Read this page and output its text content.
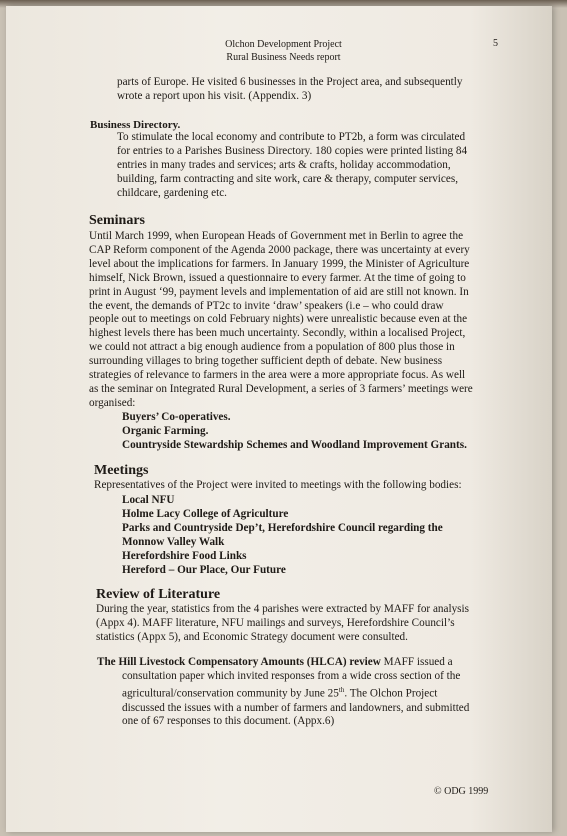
Olchon Development Project
Rural Business Needs report
5

parts of Europe. He visited 6 businesses in the Project area, and subsequently
wrote a report upon his visit. (Appendix. 3)

Business Directory.

To stimulate the local economy and contribute to PT2b, a form was circulated
for entries to a Parishes Business Directory. 180 copies were printed listing 84
entries in many trades and services; arts & crafts, holiday accommodation,
building, farm contracting and site work, care & therapy, computer services,
childcare, gardening etc.

Seminars

Until March 1999, when European Heads of Government met in Berlin to agree the
CAP Reform component of the Agenda 2000 package, there was uncertainty at every
level about the implications for farmers. In January 1999, the Minister of Agriculture
himself, Nick Brown, issued a questionnaire to every farmer. At the time of going to
print in August ‘99, payment levels and implementation of aid are still not known. In
the event, the demands of PT2c to invite ‘draw’ speakers (i.e – who could draw
people out to meetings on cold February nights) were unrealistic because even at the
highest levels there has been much uncertainty. Secondly, within a localised Project,
we could not attract a big enough audience from a population of 800 plus those in
surrounding villages to bring together sufficient depth of debate. New business
strategies of relevance to farmers in the area were a more appropriate focus. As well
as the seminar on Integrated Rural Development, a series of 3 farmers’ meetings were
organised:

Buyers’ Co-operatives.
Organic Farming.
Countryside Stewardship Schemes and Woodland Improvement Grants.

Meetings

Representatives of the Project were invited to meetings with the following bodies:

Local NFU
Holme Lacy College of Agriculture
Parks and Countryside Dep’t, Herefordshire Council regarding the
Monnow Valley Walk
Herefordshire Food Links
Hereford – Our Place, Our Future

Review of Literature

During the year, statistics from the 4 parishes were extracted by MAFF for analysis
(Appx 4). MAFF literature, NFU mailings and surveys, Herefordshire Council’s
statistics (Appx 5), and Economic Strategy document were consulted.

The Hill Livestock Compensatory Amounts (HLCA) review MAFF issued a

consultation paper which invited responses from a wide cross section of the
agricultural/conservation community by June 25th. The Olchon Project
discussed the issues with a number of farmers and landowners, and submitted
one of 67 responses to this document. (Appx.6)

© ODG 1999
